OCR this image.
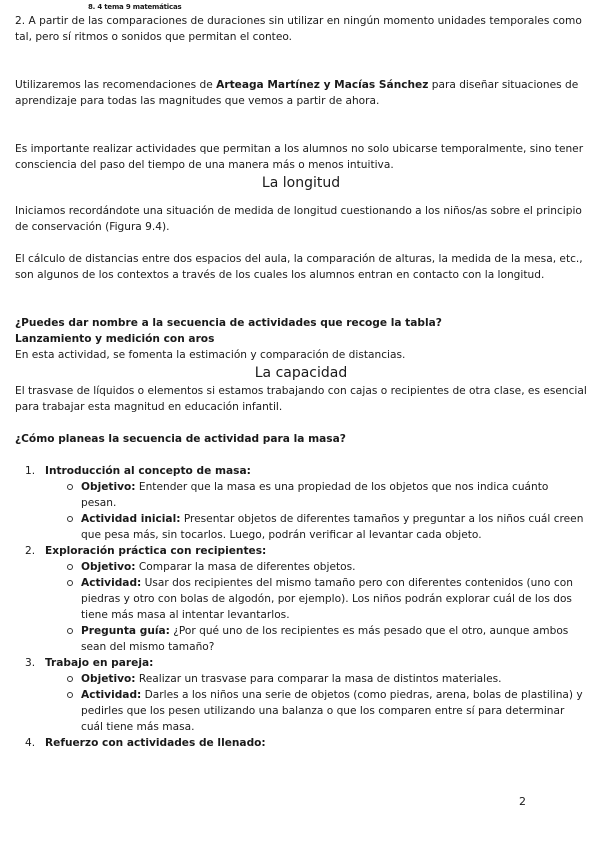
8. 4 tema 9 matemáticas

2. A partir de las comparaciones de duraciones sin utilizar en ningún momento unidades temporales como tal, pero sí ritmos o sonidos que permitan el conteo.

Utilizaremos las recomendaciones de Arteaga Martínez y Macías Sánchez para diseñar situaciones de aprendizaje para todas las magnitudes que vemos a partir de ahora.

Es importante realizar actividades que permitan a los alumnos no solo ubicarse temporalmente, sino tener consciencia del paso del tiempo de una manera más o menos intuitiva.

La longitud

Iniciamos recordándote una situación de medida de longitud cuestionando a los niños/as sobre el principio de conservación (Figura 9.4).

El cálculo de distancias entre dos espacios del aula, la comparación de alturas, la medida de la mesa, etc., son algunos de los contextos a través de los cuales los alumnos entran en contacto con la longitud.

¿Puedes dar nombre a la secuencia de actividades que recoge la tabla?

Lanzamiento y medición con aros

En esta actividad, se fomenta la estimación y comparación de distancias.

La capacidad

El trasvase de líquidos o elementos si estamos trabajando con cajas o recipientes de otra clase, es esencial para trabajar esta magnitud en educación infantil.

¿Cómo planeas la secuencia de actividad para la masa?

1. Introducción al concepto de masa:
Objetivo: Entender que la masa es una propiedad de los objetos que nos indica cuánto pesan.
Actividad inicial: Presentar objetos de diferentes tamaños y preguntar a los niños cuál creen que pesa más, sin tocarlos. Luego, podrán verificar al levantar cada objeto.
2. Exploración práctica con recipientes:
Objetivo: Comparar la masa de diferentes objetos.
Actividad: Usar dos recipientes del mismo tamaño pero con diferentes contenidos (uno con piedras y otro con bolas de algodón, por ejemplo). Los niños podrán explorar cuál de los dos tiene más masa al intentar levantarlos.
Pregunta guía: ¿Por qué uno de los recipientes es más pesado que el otro, aunque ambos sean del mismo tamaño?
3. Trabajo en pareja:
Objetivo: Realizar un trasvase para comparar la masa de distintos materiales.
Actividad: Darles a los niños una serie de objetos (como piedras, arena, bolas de plastilina) y pedirles que los pesen utilizando una balanza o que los comparen entre sí para determinar cuál tiene más masa.
4. Refuerzo con actividades de llenado:
2
